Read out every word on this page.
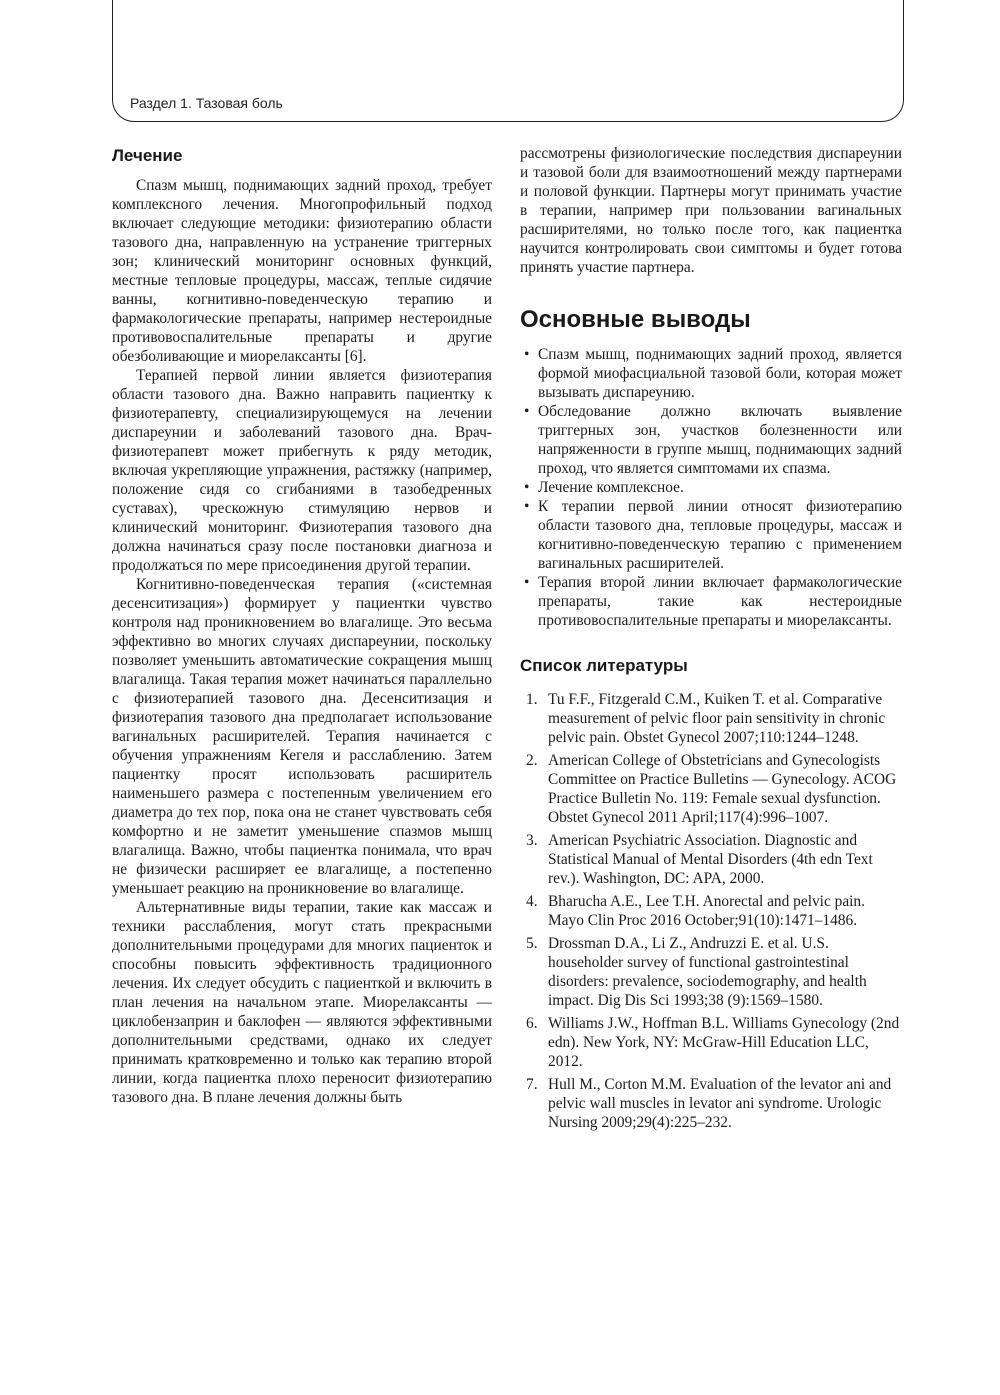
Раздел 1. Тазовая боль

Лечение

Спазм мышц, поднимающих задний проход, требует комплексного лечения. Многопрофильный подход включает следующие методики: физиотерапию области тазового дна, направленную на устранение триггерных зон; клинический мониторинг основных функций, местные тепловые процедуры, массаж, теплые сидячие ванны, когнитивно-поведенческую терапию и фармакологические препараты, например нестероидные противовоспалительные препараты и другие обезболивающие и миорелаксанты [6].

Терапией первой линии является физиотерапия области тазового дна. Важно направить пациентку к физиотерапевту, специализирующемуся на лечении диспареунии и заболеваний тазового дна. Врач-физиотерапевт может прибегнуть к ряду методик, включая укрепляющие упражнения, растяжку (например, положение сидя со сгибаниями в тазобедренных суставах), чрескожную стимуляцию нервов и клинический мониторинг. Физиотерапия тазового дна должна начинаться сразу после постановки диагноза и продолжаться по мере присоединения другой терапии.

Когнитивно-поведенческая терапия («системная десенситизация») формирует у пациентки чувство контроля над проникновением во влагалище. Это весьма эффективно во многих случаях диспареунии, поскольку позволяет уменьшить автоматические сокращения мышц влагалища. Такая терапия может начинаться параллельно с физиотерапией тазового дна. Десенситизация и физиотерапия тазового дна предполагает использование вагинальных расширителей. Терапия начинается с обучения упражнениям Кегеля и расслаблению. Затем пациентку просят использовать расширитель наименьшего размера с постепенным увеличением его диаметра до тех пор, пока она не станет чувствовать себя комфортно и не заметит уменьшение спазмов мышц влагалища. Важно, чтобы пациентка понимала, что врач не физически расширяет ее влагалище, а постепенно уменьшает реакцию на проникновение во влагалище.

Альтернативные виды терапии, такие как массаж и техники расслабления, могут стать прекрасными дополнительными процедурами для многих пациенток и способны повысить эффективность традиционного лечения. Их следует обсудить с пациенткой и включить в план лечения на начальном этапе. Миорелаксанты — циклобензаприн и баклофен — являются эффективными дополнительными средствами, однако их следует принимать кратковременно и только как терапию второй линии, когда пациентка плохо переносит физиотерапию тазового дна. В плане лечения должны быть

рассмотрены физиологические последствия диспареунии и тазовой боли для взаимоотношений между партнерами и половой функции. Партнеры могут принимать участие в терапии, например при пользовании вагинальных расширителями, но только после того, как пациентка научится контролировать свои симптомы и будет готова принять участие партнера.

Основные выводы
• Спазм мышц, поднимающих задний проход, является формой миофасциальной тазовой боли, которая может вызывать диспареунию.
• Обследование должно включать выявление триггерных зон, участков болезненности или напряженности в группе мышц, поднимающих задний проход, что является симптомами их спазма.
• Лечение комплексное.
• К терапии первой линии относят физиотерапию области тазового дна, тепловые процедуры, массаж и когнитивно-поведенческую терапию с применением вагинальных расширителей.
• Терапия второй линии включает фармакологические препараты, такие как нестероидные противовоспалительные препараты и миорелаксанты.
Список литературы
1. Tu F.F., Fitzgerald C.M., Kuiken T. et al. Comparative measurement of pelvic floor pain sensitivity in chronic pelvic pain. Obstet Gynecol 2007;110:1244–1248.
2. American College of Obstetricians and Gynecologists Committee on Practice Bulletins — Gynecology. ACOG Practice Bulletin No. 119: Female sexual dysfunction. Obstet Gynecol 2011 April;117(4):996–1007.
3. American Psychiatric Association. Diagnostic and Statistical Manual of Mental Disorders (4th edn Text rev.). Washington, DC: APA, 2000.
4. Bharucha A.E., Lee T.H. Anorectal and pelvic pain. Mayo Clin Proc 2016 October;91(10):1471–1486.
5. Drossman D.A., Li Z., Andruzzi E. et al. U.S. householder survey of functional gastrointestinal disorders: prevalence, sociodemography, and health impact. Dig Dis Sci 1993;38 (9):1569–1580.
6. Williams J.W., Hoffman B.L. Williams Gynecology (2nd edn). New York, NY: McGraw-Hill Education LLC, 2012.
7. Hull M., Corton M.M. Evaluation of the levator ani and pelvic wall muscles in levator ani syndrome. Urologic Nursing 2009;29(4):225–232.
